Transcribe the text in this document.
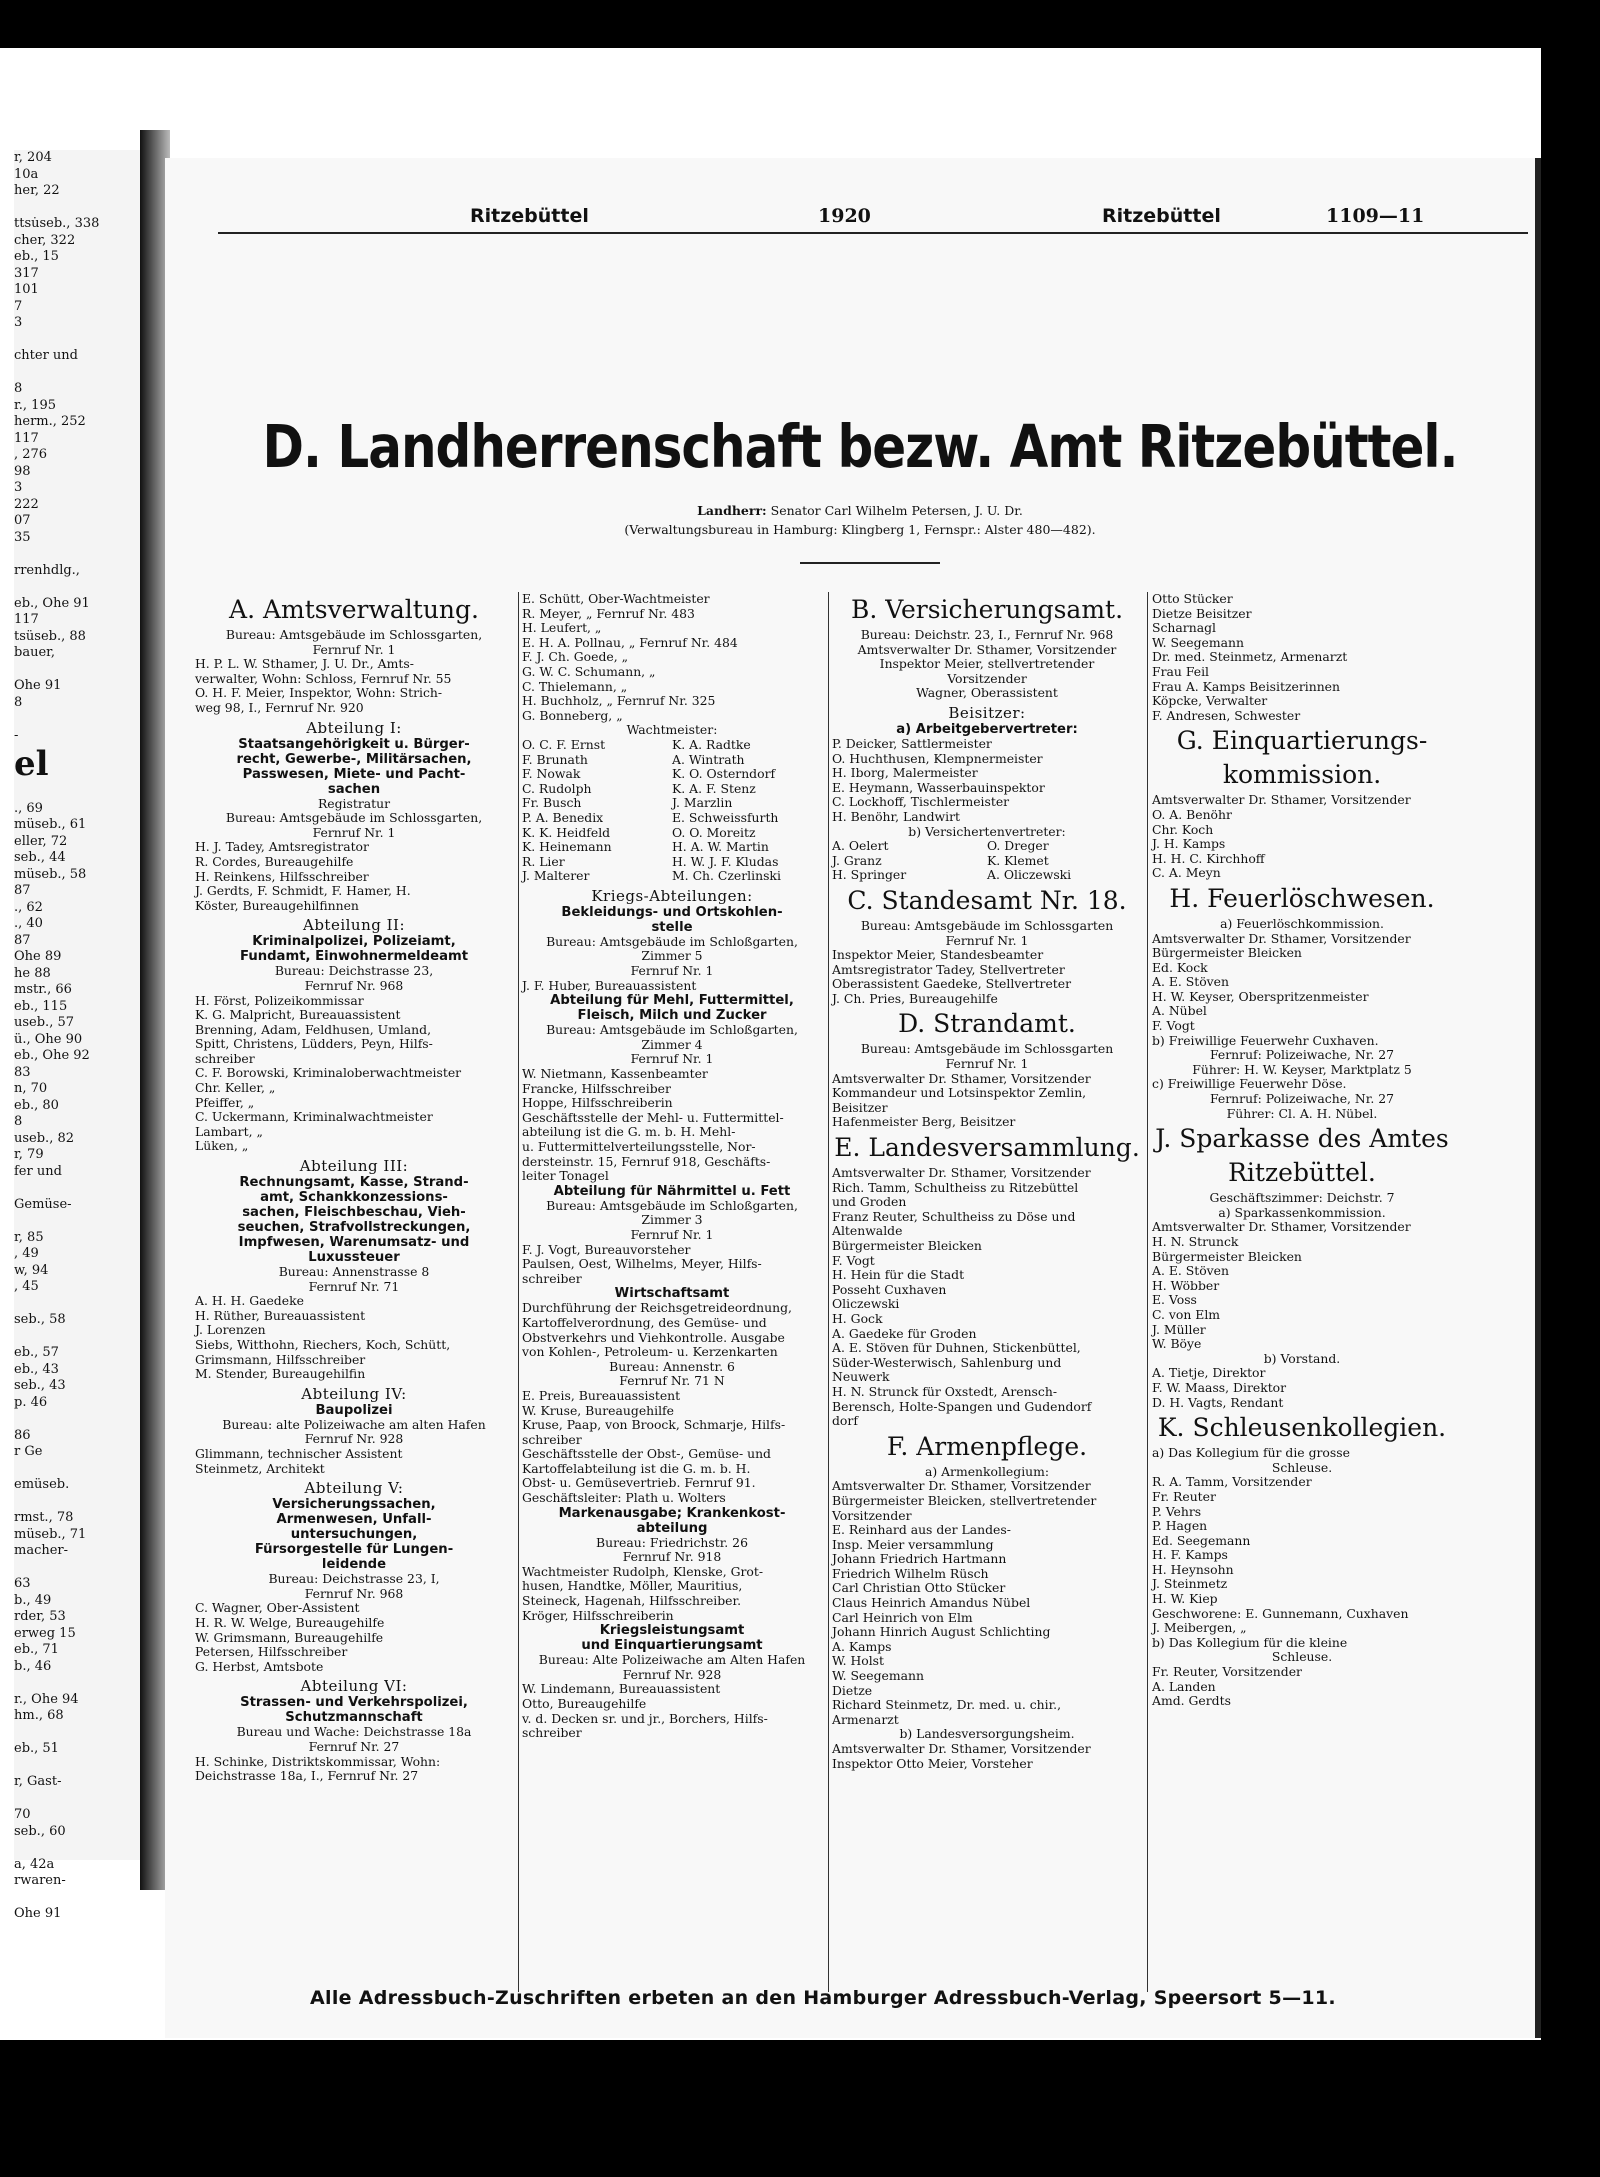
r, 204
10a
her, 22

ttsu̇seb., 338
cher, 322
eb., 15
317
101
7
3

chter und

8
r., 195
herm., 252
117
, 276
98
3
222
07
35

rrenhdlg.,

eb., Ohe 91
117
tsüseb., 88
bauer,

Ohe 91
8

-
el

., 69
müseb., 61
eller, 72
seb., 44
müseb., 58
87
., 62
., 40
87
Ohe 89
he 88
mstr., 66
eb., 115
useb., 57
ü., Ohe 90
eb., Ohe 92
83
n, 70
eb., 80
8
useb., 82
r, 79
fer und

Gemüse-

r, 85
, 49
w, 94
, 45

seb., 58

eb., 57
eb., 43
seb., 43
p. 46

86
r Ge

emüseb.

rmst., 78
müseb., 71
macher-

63
b., 49
rder, 53
erweg 15
eb., 71
b., 46

r., Ohe 94
hm., 68

eb., 51

r, Gast-

70
seb., 60

a, 42a
rwaren-

Ohe 91
Ritzebüttel	1920	Ritzebüttel	1109—11
D. Landherrenschaft bezw. Amt Ritzebüttel.
Landherr: Senator Carl Wilhelm Petersen, J. U. Dr.
(Verwaltungsbureau in Hamburg: Klingberg 1, Fernspr.: Alster 480—482).
A. Amtsverwaltung.
Bureau: Amtsgebäude im Schlossgarten,
Fernruf Nr. 1
H. P. L. W. Sthamer, J. U. Dr., Amts-
verwalter, Wohn: Schloss, Fernruf Nr. 55
O. H. F. Meier, Inspektor, Wohn: Strich-
weg 98, I., Fernruf Nr. 920
Abteilung I:
Staatsangehörigkeit u. Bürger-
recht, Gewerbe-, Militärsachen,
Passwesen, Miete- und Pacht-
sachen
Registratur
Bureau: Amtsgebäude im Schlossgarten,
Fernruf Nr. 1
H. J. Tadey, Amtsregistrator
R. Cordes, Bureaugehilfe
H. Reinkens, Hilfsschreiber
J. Gerdts, F. Schmidt, F. Hamer, H.
Köster, Bureaugehilfinnen
Abteilung II:
Kriminalpolizei, Polizeiamt,
Fundamt, Einwohnermeldeamt
Bureau: Deichstrasse 23,
Fernruf Nr. 968
H. Först, Polizeikommissar
K. G. Malpricht, Bureauassistent
Brenning, Adam, Feldhusen, Umland,
Spitt, Christens, Lüdders, Peyn, Hilfs-
schreiber
C. F. Borowski, Kriminaloberwachtmeister
Chr. Keller, „
Pfeiffer, „
C. Uckermann, Kriminalwachtmeister
Lambart, „
Lüken, „
Abteilung III:
Rechnungsamt, Kasse, Strand-
amt, Schankkonzessions-
sachen, Fleischbeschau, Vieh-
seuchen, Strafvollstreckungen,
Impfwesen, Warenumsatz- und
Luxussteuer
Bureau: Annenstrasse 8
Fernruf Nr. 71
A. H. H. Gaedeke
H. Rüther, Bureauassistent
J. Lorenzen
Siebs, Witthohn, Riechers, Koch, Schütt,
Grimsmann, Hilfsschreiber
M. Stender, Bureaugehilfin
Abteilung IV:
Baupolizei
Bureau: alte Polizeiwache am alten Hafen
Fernruf Nr. 928
Glimmann, technischer Assistent
Steinmetz, Architekt
Abteilung V:
Versicherungssachen,
Armenwesen, Unfall-
untersuchungen,
Fürsorgestelle für Lungen-
leidende
Bureau: Deichstrasse 23, I,
Fernruf Nr. 968
C. Wagner, Ober-Assistent
H. R. W. Welge, Bureaugehilfe
W. Grimsmann, Bureaugehilfe
Petersen, Hilfsschreiber
G. Herbst, Amtsbote
Abteilung VI:
Strassen- und Verkehrspolizei,
Schutzmannschaft
Bureau und Wache: Deichstrasse 18a
Fernruf Nr. 27
H. Schinke, Distriktskommissar, Wohn:
Deichstrasse 18a, I., Fernruf Nr. 27
E. Schütt, Ober-Wachtmeister
R. Meyer, „ Fernruf Nr. 483
H. Leufert, „
E. H. A. Pollnau, „ Fernruf Nr. 484
F. J. Ch. Goede, „
G. W. C. Schumann, „
C. Thielemann, „
H. Buchholz, „ Fernruf Nr. 325
G. Bonneberg, „
Wachtmeister:
O. C. F. Ernst	K. A. Radtke
F. Brunath	A. Wintrath
F. Nowak	K. O. Osterndorf
C. Rudolph	K. A. F. Stenz
Fr. Busch	J. Marzlin
P. A. Benedix	E. Schweissfurth
K. K. Heidfeld	O. O. Moreitz
K. Heinemann	H. A. W. Martin
R. Lier	H. W. J. F. Kludas
J. Malterer	M. Ch. Czerlinski
Kriegs-Abteilungen:
Bekleidungs- und Ortskohlen-
stelle
Bureau: Amtsgebäude im Schloßgarten,
Zimmer 5
Fernruf Nr. 1
J. F. Huber, Bureauassistent
Abteilung für Mehl, Futtermittel,
Fleisch, Milch und Zucker
Bureau: Amtsgebäude im Schloßgarten,
Zimmer 4
Fernruf Nr. 1
W. Nietmann, Kassenbeamter
Francke, Hilfsschreiber
Hoppe, Hilfsschreiberin
Geschäftsstelle der Mehl- u. Futtermittel-
abteilung ist die G. m. b. H. Mehl-
u. Futtermittelverteilungsstelle, Nor-
dersteinstr. 15, Fernruf 918, Geschäfts-
leiter Tonagel
Abteilung für Nährmittel u. Fett
Bureau: Amtsgebäude im Schloßgarten,
Zimmer 3
Fernruf Nr. 1
F. J. Vogt, Bureauvorsteher
Paulsen, Oest, Wilhelms, Meyer, Hilfs-
schreiber
Wirtschaftsamt
Durchführung der Reichsgetreideordnung,
Kartoffelverordnung, des Gemüse- und
Obstverkehrs und Viehkontrolle. Ausgabe
von Kohlen-, Petroleum- u. Kerzenkarten
Bureau: Annenstr. 6
Fernruf Nr. 71 N
E. Preis, Bureauassistent
W. Kruse, Bureaugehilfe
Kruse, Paap, von Broock, Schmarje, Hilfs-
schreiber
Geschäftsstelle der Obst-, Gemüse- und
Kartoffelabteilung ist die G. m. b. H.
Obst- u. Gemüsevertrieb. Fernruf 91.
Geschäftsleiter: Plath u. Wolters
Markenausgabe; Krankenkost-
abteilung
Bureau: Friedrichstr. 26
Fernruf Nr. 918
Wachtmeister Rudolph, Klenske, Grot-
husen, Handtke, Möller, Mauritius,
Steineck, Hagenah, Hilfsschreiber.
Kröger, Hilfsschreiberin
Kriegsleistungsamt
und Einquartierungsamt
Bureau: Alte Polizeiwache am Alten Hafen
Fernruf Nr. 928
W. Lindemann, Bureauassistent
Otto, Bureaugehilfe
v. d. Decken sr. und jr., Borchers, Hilfs-
schreiber
B. Versicherungsamt.
Bureau: Deichstr. 23, I., Fernruf Nr. 968
Amtsverwalter Dr. Sthamer, Vorsitzender
Inspektor Meier, stellvertretender
Vorsitzender
Wagner, Oberassistent
Beisitzer:
a) Arbeitgebervertreter:
P. Deicker, Sattlermeister
O. Huchthusen, Klempnermeister
H. Iborg, Malermeister
E. Heymann, Wasserbauinspektor
C. Lockhoff, Tischlermeister
H. Benöhr, Landwirt
b) Versichertenvertreter:
A. Oelert	O. Dreger
J. Granz	K. Klemet
H. Springer	A. Oliczewski
C. Standesamt Nr. 18.
Bureau: Amtsgebäude im Schlossgarten
Fernruf Nr. 1
Inspektor Meier, Standesbeamter
Amtsregistrator Tadey, Stellvertreter
Oberassistent Gaedeke, Stellvertreter
J. Ch. Pries, Bureaugehilfe
D. Strandamt.
Bureau: Amtsgebäude im Schlossgarten
Fernruf Nr. 1
Amtsverwalter Dr. Sthamer, Vorsitzender
Kommandeur und Lotsinspektor Zemlin,
Beisitzer
Hafenmeister Berg, Beisitzer
E. Landesversammlung.
Amtsverwalter Dr. Sthamer, Vorsitzender
Rich. Tamm, Schultheiss zu Ritzebüttel
und Groden
Franz Reuter, Schultheiss zu Döse und
Altenwalde
Bürgermeister Bleicken
F. Vogt
H. Hein für die Stadt
Posseht Cuxhaven
Oliczewski
H. Gock
A. Gaedeke für Groden
A. E. Stöven für Duhnen, Stickenbüttel,
Süder-Westerwisch, Sahlenburg und
Neuwerk
H. N. Strunck für Oxstedt, Arensch-
Berensch, Holte-Spangen und Gudendorf
dorf
F. Armenpflege.
a) Armenkollegium:
Amtsverwalter Dr. Sthamer, Vorsitzender
Bürgermeister Bleicken, stellvertretender
Vorsitzender
E. Reinhard aus der Landes-
Insp. Meier versammlung
Johann Friedrich Hartmann
Friedrich Wilhelm Rüsch
Carl Christian Otto Stücker
Claus Heinrich Amandus Nübel
Carl Heinrich von Elm
Johann Hinrich August Schlichting
A. Kamps
W. Holst
W. Seegemann
Dietze
Richard Steinmetz, Dr. med. u. chir.,
Armenarzt
b) Landesversorgungsheim.
Amtsverwalter Dr. Sthamer, Vorsitzender
Inspektor Otto Meier, Vorsteher
Otto Stücker
Dietze Beisitzer
Scharnagl
W. Seegemann
Dr. med. Steinmetz, Armenarzt
Frau Feil
Frau A. Kamps Beisitzerinnen
Köpcke, Verwalter
F. Andresen, Schwester
G. Einquartierungs-
kommission.
Amtsverwalter Dr. Sthamer, Vorsitzender
O. A. Benöhr
Chr. Koch
J. H. Kamps
H. H. C. Kirchhoff
C. A. Meyn
H. Feuerlöschwesen.
a) Feuerlöschkommission.
Amtsverwalter Dr. Sthamer, Vorsitzender
Bürgermeister Bleicken
Ed. Kock
A. E. Stöven
H. W. Keyser, Oberspritzenmeister
A. Nübel
F. Vogt
b) Freiwillige Feuerwehr Cuxhaven.
Fernruf: Polizeiwache, Nr. 27
Führer: H. W. Keyser, Marktplatz 5
c) Freiwillige Feuerwehr Döse.
Fernruf: Polizeiwache, Nr. 27
Führer: Cl. A. H. Nübel.
J. Sparkasse des Amtes
Ritzebüttel.
Geschäftszimmer: Deichstr. 7
a) Sparkassenkommission.
Amtsverwalter Dr. Sthamer, Vorsitzender
H. N. Strunck
Bürgermeister Bleicken
A. E. Stöven
H. Wöbber
E. Voss
C. von Elm
J. Müller
W. Böye
b) Vorstand.
A. Tietje, Direktor
F. W. Maass, Direktor
D. H. Vagts, Rendant
K. Schleusenkollegien.
a) Das Kollegium für die grosse
Schleuse.
R. A. Tamm, Vorsitzender
Fr. Reuter
P. Vehrs
P. Hagen
Ed. Seegemann
H. F. Kamps
H. Heynsohn
J. Steinmetz
H. W. Kiep
Geschworene: E. Gunnemann, Cuxhaven
J. Meibergen, „
b) Das Kollegium für die kleine
Schleuse.
Fr. Reuter, Vorsitzender
A. Landen
Amd. Gerdts
Alle Adressbuch-Zuschriften erbeten an den Hamburger Adressbuch-Verlag, Speersort 5—11.
